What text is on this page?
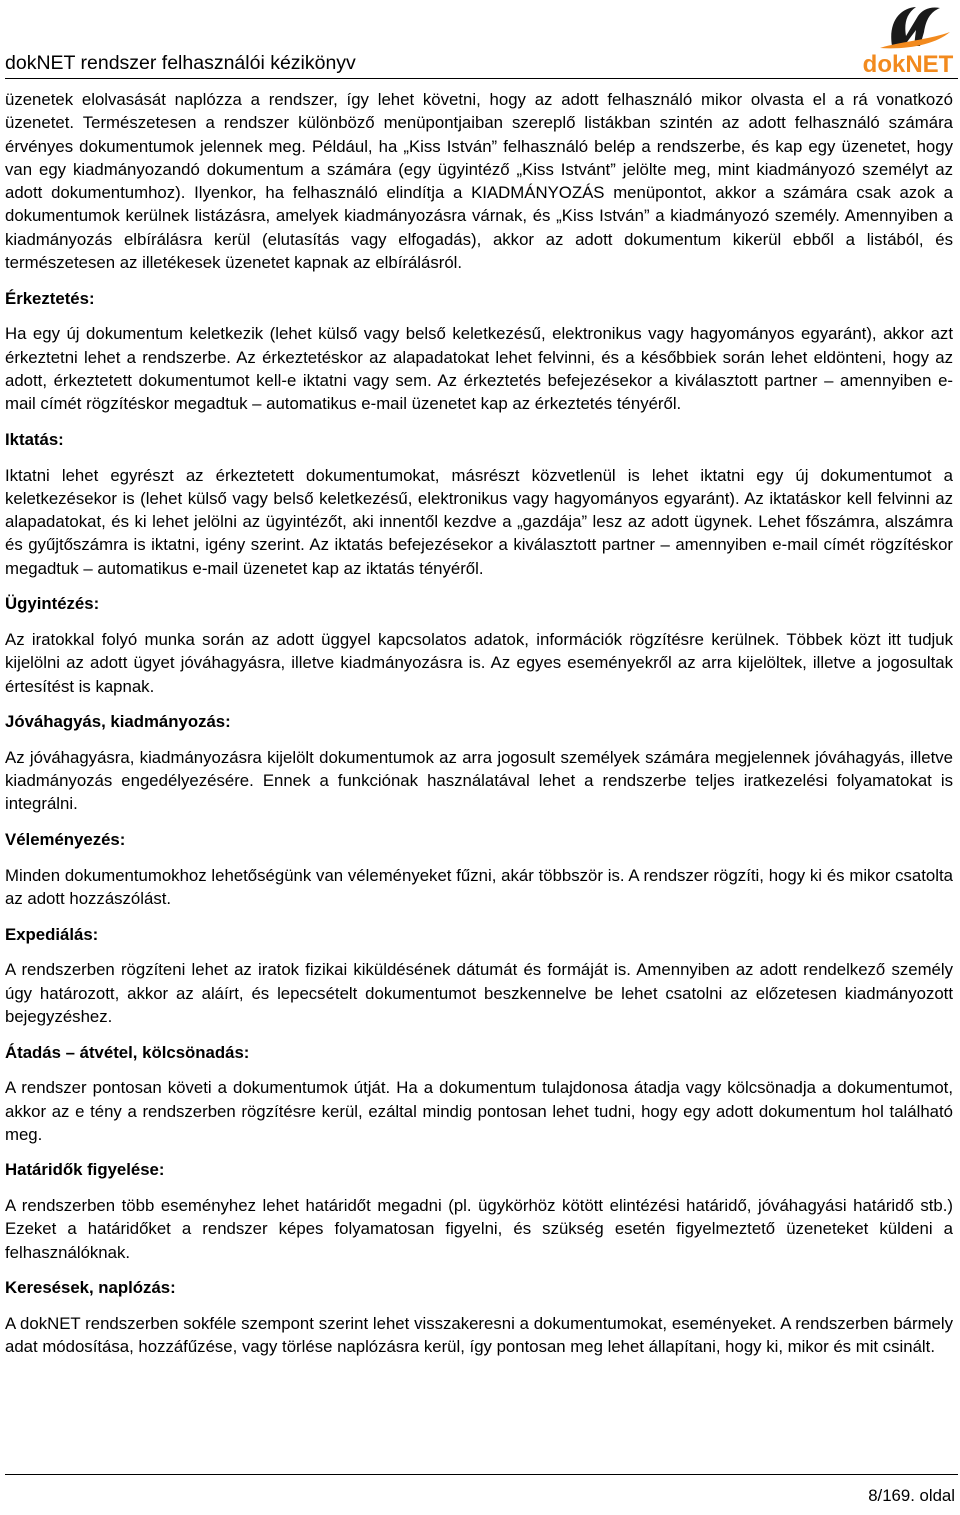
dokNET rendszer felhasználói kézikönyv	dokNET

üzenetek elolvasását naplózza a rendszer, így lehet követni, hogy az adott felhasználó mikor olvasta el a rá vonatkozó üzenetet. Természetesen a rendszer különböző menüpontjaiban szereplő listákban szintén az adott felhasználó számára érvényes dokumentumok jelennek meg. Például, ha „Kiss István” felhasználó belép a rendszerbe, és kap egy üzenetet, hogy van egy kiadmányozandó dokumentum a számára (egy ügyintéző „Kiss Istvánt” jelölte meg, mint kiadmányozó személyt az adott dokumentumhoz). Ilyenkor, ha felhasználó elindítja a KIADMÁNYOZÁS menüpontot, akkor a számára csak azok a dokumentumok kerülnek listázásra, amelyek kiadmányozásra várnak, és „Kiss István” a kiadmányozó személy. Amennyiben a kiadmányozás elbírálásra kerül (elutasítás vagy elfogadás), akkor az adott dokumentum kikerül ebből a listából, és természetesen az illetékesek üzenetet kapnak az elbírálásról.

Érkeztetés:

Ha egy új dokumentum keletkezik (lehet külső vagy belső keletkezésű, elektronikus vagy hagyományos egyaránt), akkor azt érkeztetni lehet a rendszerbe. Az érkeztetéskor az alapadatokat lehet felvinni, és a későbbiek során lehet eldönteni, hogy az adott, érkeztetett dokumentumot kell-e iktatni vagy sem. Az érkeztetés befejezésekor a kiválasztott partner – amennyiben e-mail címét rögzítéskor megadtuk – automatikus e-mail üzenetet kap az érkeztetés tényéről.

Iktatás:

Iktatni lehet egyrészt az érkeztetett dokumentumokat, másrészt közvetlenül is lehet iktatni egy új dokumentumot a keletkezésekor is (lehet külső vagy belső keletkezésű, elektronikus vagy hagyományos egyaránt). Az iktatáskor kell felvinni az alapadatokat, és ki lehet jelölni az ügyintézőt, aki innentől kezdve a „gazdája” lesz az adott ügynek. Lehet főszámra, alszámra és gyűjtőszámra is iktatni, igény szerint. Az iktatás befejezésekor a kiválasztott partner – amennyiben e-mail címét rögzítéskor megadtuk – automatikus e-mail üzenetet kap az iktatás tényéről.

Ügyintézés:

Az iratokkal folyó munka során az adott üggyel kapcsolatos adatok, információk rögzítésre kerülnek. Többek közt itt tudjuk kijelölni az adott ügyet jóváhagyásra, illetve kiadmányozásra is. Az egyes eseményekről az arra kijelöltek, illetve a jogosultak értesítést is kapnak.

Jóváhagyás, kiadmányozás:

Az jóváhagyásra, kiadmányozásra kijelölt dokumentumok az arra jogosult személyek számára megjelennek jóváhagyás, illetve kiadmányozás engedélyezésére. Ennek a funkciónak használatával lehet a rendszerbe teljes iratkezelési folyamatokat is integrálni.

Véleményezés:

Minden dokumentumokhoz lehetőségünk van véleményeket fűzni, akár többször is. A rendszer rögzíti, hogy ki és mikor csatolta az adott hozzászólást.

Expediálás:

A rendszerben rögzíteni lehet az iratok fizikai kiküldésének dátumát és formáját is. Amennyiben az adott rendelkező személy úgy határozott, akkor az aláírt, és lepecsételt dokumentumot beszkennelve be lehet csatolni az előzetesen kiadmányozott bejegyzéshez.

Átadás – átvétel, kölcsönadás:

A rendszer pontosan követi a dokumentumok útját. Ha a dokumentum tulajdonosa átadja vagy kölcsönadja a dokumentumot, akkor az e tény a rendszerben rögzítésre kerül, ezáltal mindig pontosan lehet tudni, hogy egy adott dokumentum hol található meg.

Határidők figyelése:

A rendszerben több eseményhez lehet határidőt megadni (pl. ügykörhöz kötött elintézési határidő, jóváhagyási határidő stb.) Ezeket a határidőket a rendszer képes folyamatosan figyelni, és szükség esetén figyelmeztető üzeneteket küldeni a felhasználóknak.

Keresések, naplózás:

A dokNET rendszerben sokféle szempont szerint lehet visszakeresni a dokumentumokat, eseményeket. A rendszerben bármely adat módosítása, hozzáfűzése, vagy törlése naplózásra kerül, így pontosan meg lehet állapítani, hogy ki, mikor és mit csinált.

8/169. oldal
